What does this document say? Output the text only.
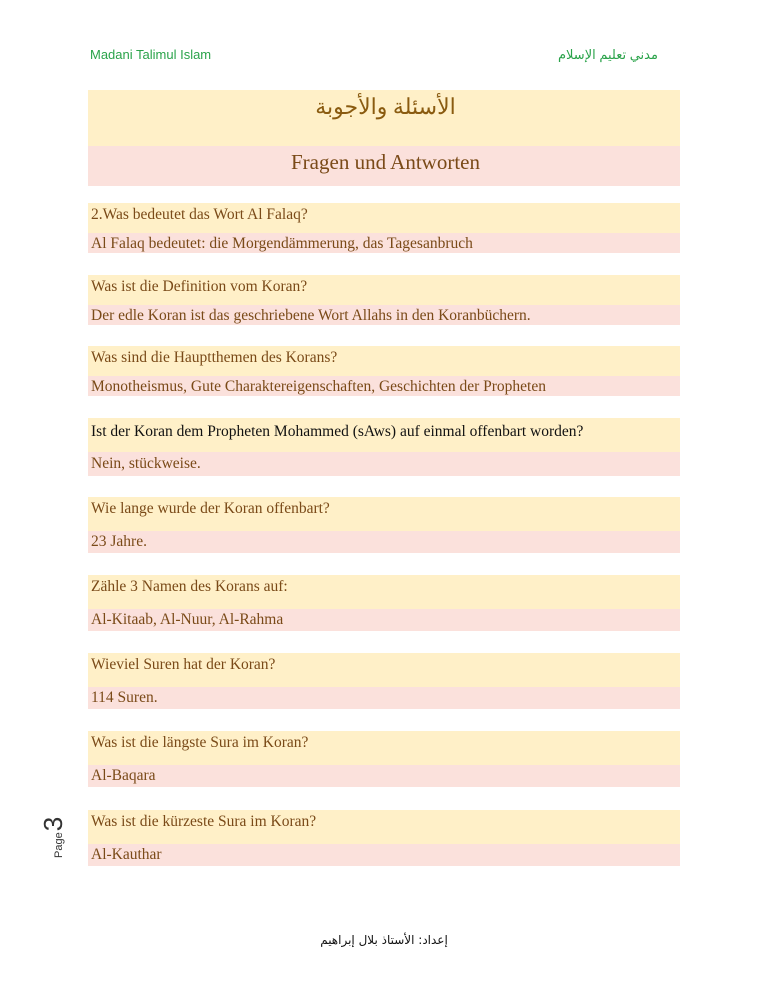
Madani Talimul Islam	مدني تعليم الإسلام
الأسئلة والأجوبة
Fragen und Antworten
2.Was bedeutet das Wort Al Falaq?
Al Falaq bedeutet: die Morgendämmerung, das Tagesanbruch
Was ist die Definition vom Koran?
Der edle Koran ist das geschriebene Wort Allahs in den Koranbüchern.
Was sind die Hauptthemen des Korans?
Monotheismus, Gute Charaktereigenschaften, Geschichten der Propheten
Ist der Koran dem Propheten Mohammed (sAws) auf einmal offenbart worden?
Nein, stückweise.
Wie lange wurde der Koran offenbart?
23 Jahre.
Zähle 3 Namen des Korans auf:
Al-Kitaab, Al-Nuur, Al-Rahma
Wieviel Suren hat der Koran?
114 Suren.
Was ist die längste Sura im Koran?
Al-Baqara
Was ist die kürzeste Sura im Koran?
Al-Kauthar
Page
3
إعداد: الأستاذ بلال إبراهيم
